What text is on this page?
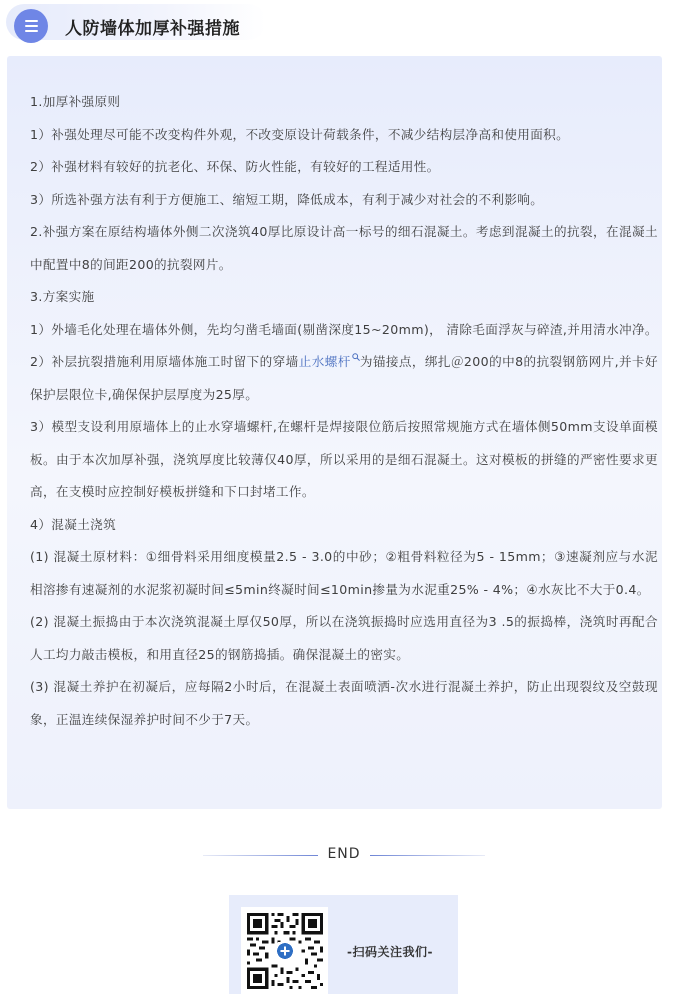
人防墙体加厚补强措施

1.加厚补强原则

1）补强处理尽可能不改变构件外观，不改变原设计荷载条件，不减少结构层净高和使用面积。

2）补强材料有较好的抗老化、环保、防火性能，有较好的工程适用性。

3）所选补强方法有利于方便施工、缩短工期，降低成本，有利于减少对社会的不利影响。

2.补强方案在原结构墙体外侧二次浇筑40厚比原设计高一标号的细石混凝土。考虑到混凝土的抗裂，在混凝土中配置中8的间距200的抗裂网片。

3.方案实施

1）外墙毛化处理在墙体外侧，先均匀凿毛墙面(剔凿深度15~20mm)， 清除毛面浮灰与碎渣,并用清水冲净。

2）补层抗裂措施利用原墙体施工时留下的穿墙止水螺杆 为锚接点，绑扎＠200的中8的抗裂钢筋网片,并卡好保护层限位卡,确保保护层厚度为25厚。

3）模型支设利用原墙体上的止水穿墙螺杆,在螺杆是焊接限位筋后按照常规施方式在墙体侧50mm支设单面模板。由于本次加厚补强，浇筑厚度比较薄仅40厚，所以采用的是细石混凝土。这对模板的拼缝的严密性要求更高，在支模时应控制好模板拼缝和下口封堵工作。

4）混凝土浇筑

(1) 混凝土原材料：①细骨料采用细度模量2.5 - 3.0的中砂；②粗骨料粒径为5 - 15mm；③速凝剂应与水泥相溶掺有速凝剂的水泥浆初凝时间≤5min终凝时间≤10min掺量为水泥重25% - 4%；④水灰比不大于0.4。

(2) 混凝土振捣由于本次浇筑混凝土厚仅50厚，所以在浇筑振捣时应选用直径为3 .5的振捣棒，浇筑时再配合人工均力敲击模板，和用直径25的钢筋捣插。确保混凝土的密实。

(3) 混凝土养护在初凝后，应每隔2小时后，在混凝土表面喷洒-次水进行混凝土养护，防止出现裂纹及空鼓现象，正温连续保湿养护时间不少于7天。

END
-扫码关注我们-
